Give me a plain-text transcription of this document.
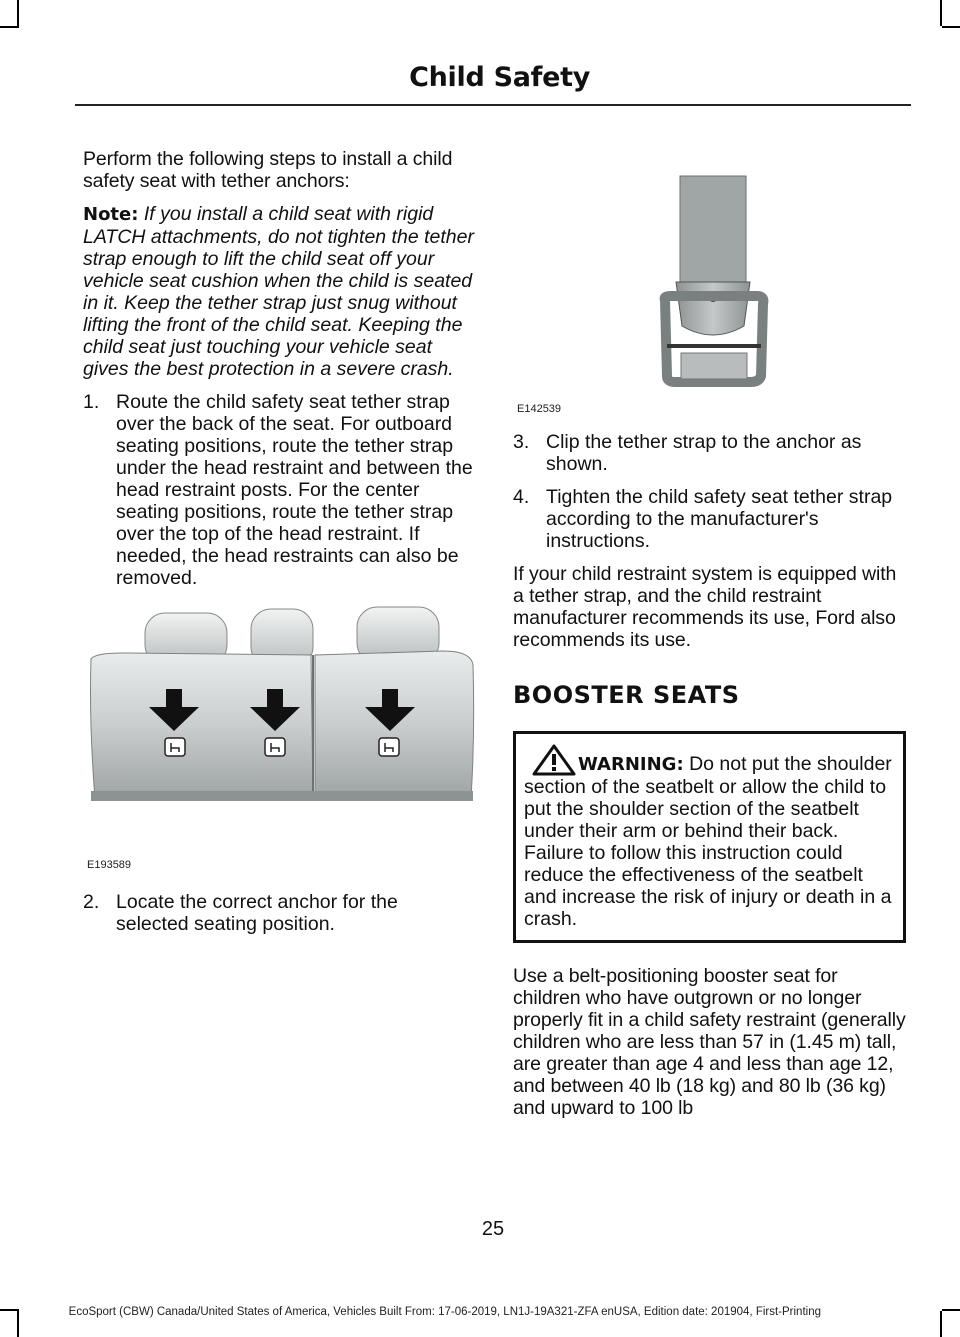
Child Safety

Perform the following steps to install a child safety seat with tether anchors:

Note: If you install a child seat with rigid LATCH attachments, do not tighten the tether strap enough to lift the child seat off your vehicle seat cushion when the child is seated in it. Keep the tether strap just snug without lifting the front of the child seat. Keeping the child seat just touching your vehicle seat gives the best protection in a severe crash.

1. Route the child safety seat tether strap over the back of the seat. For outboard seating positions, route the tether strap under the head restraint and between the head restraint posts. For the center seating positions, route the tether strap over the top of the head restraint. If needed, the head restraints can also be removed.
E193589
2. Locate the correct anchor for the selected seating position.
E142539
3. Clip the tether strap to the anchor as shown.
4. Tighten the child safety seat tether strap according to the manufacturer's instructions.

If your child restraint system is equipped with a tether strap, and the child restraint manufacturer recommends its use, Ford also recommends its use.

BOOSTER SEATS
WARNING: Do not put the shoulder section of the seatbelt or allow the child to put the shoulder section of the seatbelt under their arm or behind their back. Failure to follow this instruction could reduce the effectiveness of the seatbelt and increase the risk of injury or death in a crash.

Use a belt-positioning booster seat for children who have outgrown or no longer properly fit in a child safety restraint (generally children who are less than 57 in (1.45 m) tall, are greater than age 4 and less than age 12, and between 40 lb (18 kg) and 80 lb (36 kg) and upward to 100 lb

25
EcoSport (CBW) Canada/United States of America, Vehicles Built From: 17-06-2019, LN1J-19A321-ZFA enUSA, Edition date: 201904, First-Printing
